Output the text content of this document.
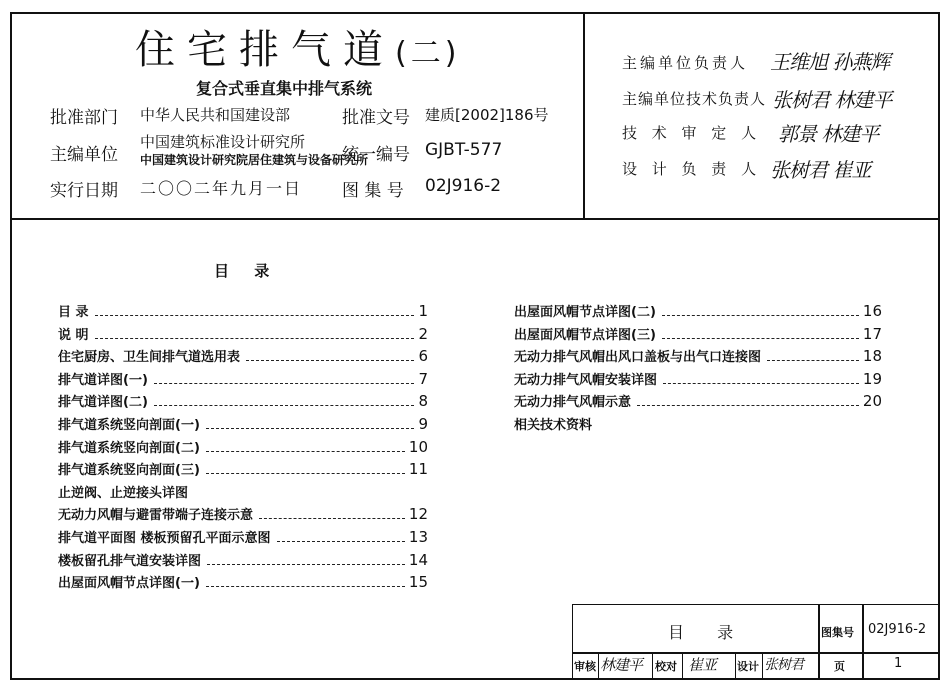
住宅排气道(二)
复合式垂直集中排气系统
批准部门 中华人民共和国建设部	批准文号 建质[2002]186号
主编单位
中国建筑标准设计研究所
中国建筑设计研究院居住建筑与设备研究所
统一编号 GJBT-577
实行日期 二〇〇二年九月一日 图 集 号 02J916-2
主编单位负责人 王维旭 孙燕辉
主编单位技术负责人 张树君 林建平
技 术 审 定 人 郭景 林建平
设 计 负 责 人 张树君 崔亚
目 录
目 录	1
说 明	2
住宅厨房、卫生间排气道选用表	6
排气道详图(一)	7
排气道详图(二)	8
排气道系统竖向剖面(一)	9
排气道系统竖向剖面(二)	10
排气道系统竖向剖面(三)	11
止逆阀、止逆接头详图
无动力风帽与避雷带端子连接示意	12
排气道平面图 楼板预留孔平面示意图	13
楼板留孔排气道安装详图	14
出屋面风帽节点详图(一)	15
出屋面风帽节点详图(二)	16
出屋面风帽节点详图(三)	17
无动力排气风帽出风口盖板与出气口连接图	18
无动力排气风帽安装详图	19
无动力排气风帽示意	20
相关技术资料
目 录	图集号 02J916-2
审核 林建平 校对 崔亚 设计 张树君	页	1
